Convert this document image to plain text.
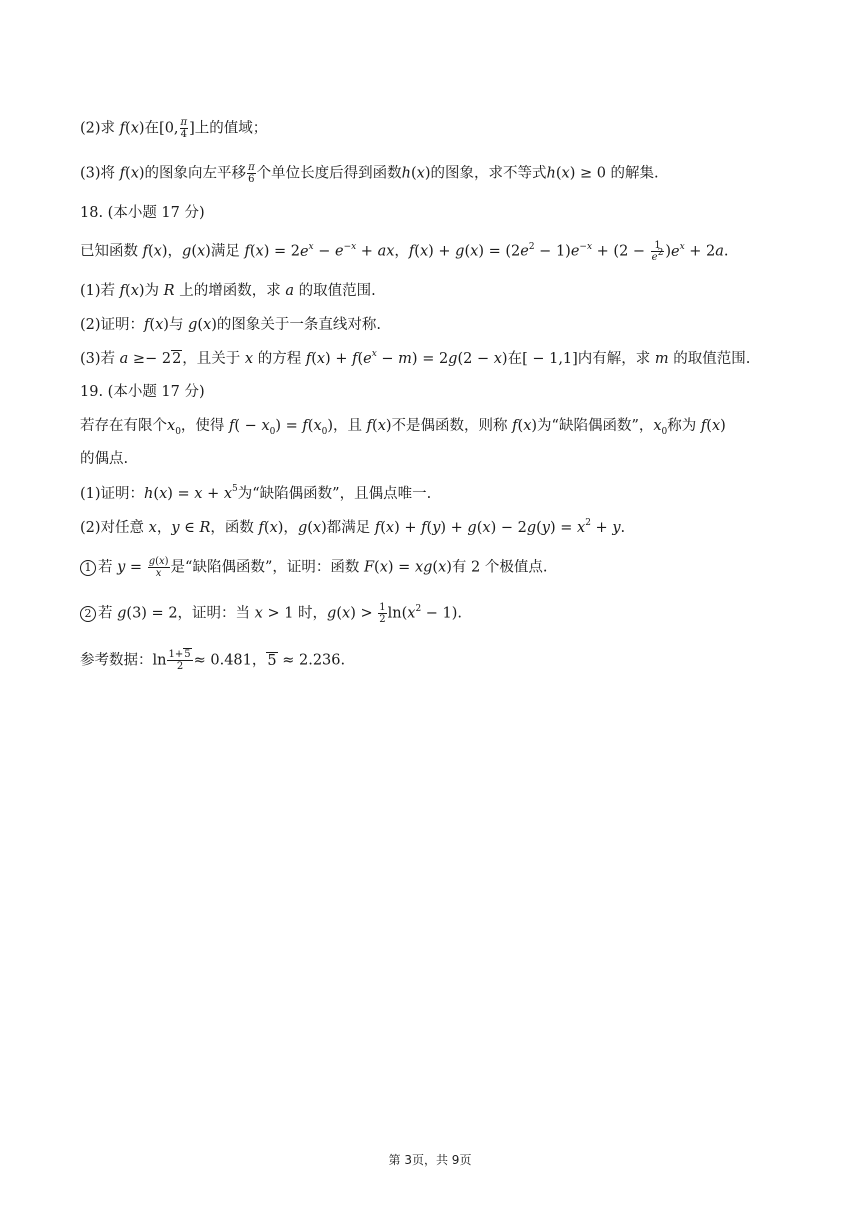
(2)求 f(x)在[0, $\frac{\pi}{4}$ ]上的值域；
(3)将 f(x)的图象向左平移 $\frac{\pi}{6}$ 个单位长度后得到函数h(x)的图象，求不等式h(x) ≥ 0 的解集.
18. (本小题 17 分)
已知函数 f(x)，g(x)满足 $f(x) = 2e^x - e^{-x}$ + ax，$f(x) + g(x) = (2e^2 - 1)e^{-x} + (2 - \frac{1}{e^2} )e^x + 2a$.
(1)若 f(x)为 R 上的增函数，求 a 的取值范围.
(2)证明：f(x)与 g(x)的图象关于一条直线对称.
(3)若 a ≥− 22，且关于 x 的方程 $f(x) + f(e^x - m) = 2g(2 - x)$在[ − 1,1]内有解，求 m 的取值范围.
19. (本小题 17 分)
若存在有限个$x_0$，使得 $f( - x_0) = f(x_0)$，且 f(x)不是偶函数，则称 f(x)为“缺陷偶函数”，$x_0$称为 f(x)
的偶点.
(1)证明：$h(x) = x + x^5$为“缺陷偶函数”，且偶点唯一.
(2)对任意 x，y ∈ R，函数 f(x)，g(x)都满足 $f(x) + f(y) + g(x) - 2g(y) = x^2 + y$.
1 若 $y = \frac{g(x)}{x}$ 是“缺陷偶函数”，证明：函数 F(x) = xg(x)有 2 个极值点.
2 若 g(3) = 2，证明：当 x > 1 时，$g(x) > \frac{1}{2} \ln(x^2 - 1)$.
参考数据：$\ln \frac{1+5}{2} \approx 0.481$，5 ≈ 2.236.
第 3页，共 9页
